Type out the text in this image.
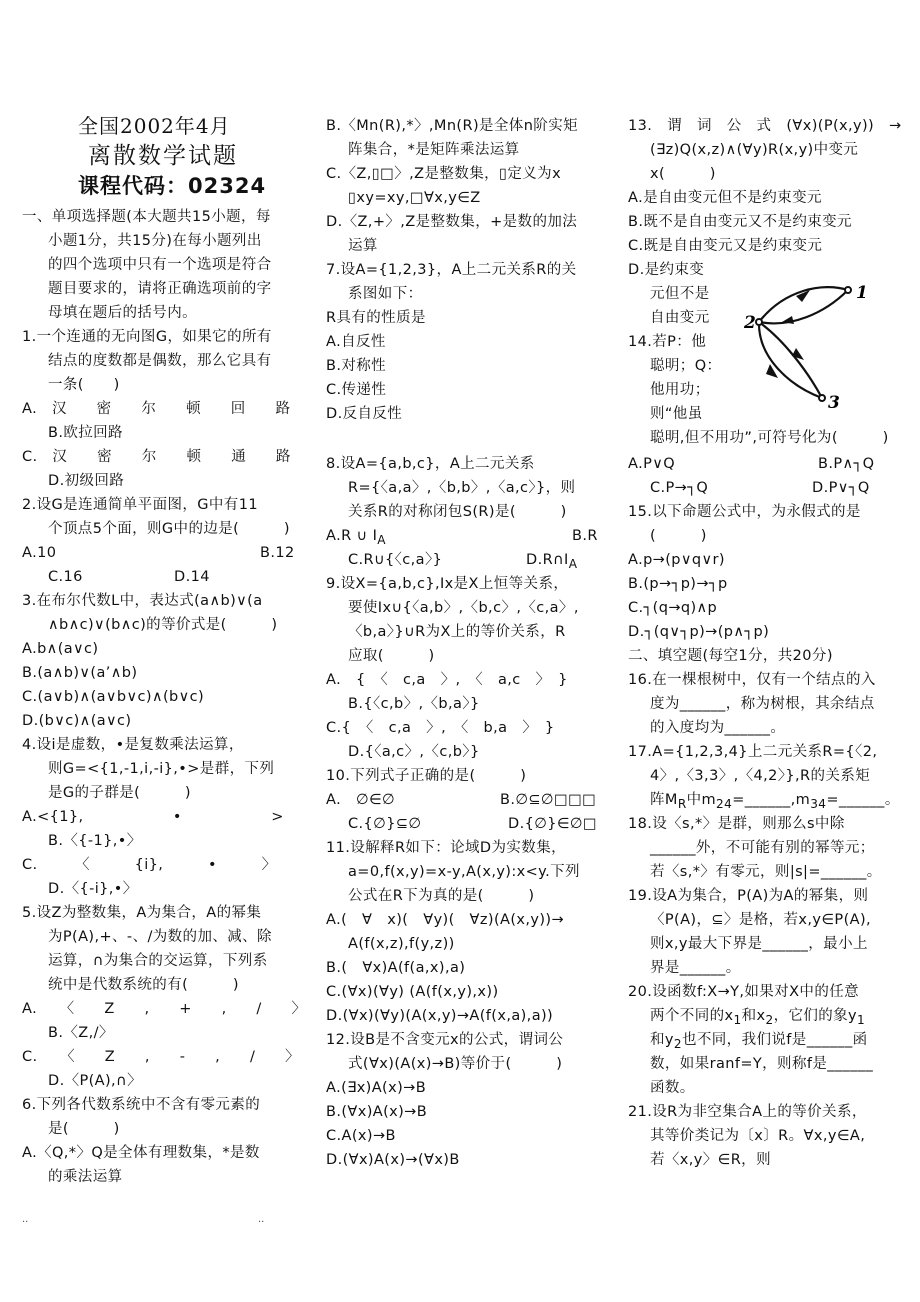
全国2002年4月
离散数学试题
课程代码：02324
一、单项选择题(本大题共15小题，每
小题1分，共15分)在每小题列出
的四个选项中只有一个选项是符合
题目要求的，请将正确选项前的字
母填在题后的括号内。
1.一个连通的无向图G，如果它的所有
结点的度数都是偶数，那么它具有
一条(　　)
A.　汉　　密　　尔　　顿　　回　　路
B.欧拉回路
C.　汉　　密　　尔　　顿　　通　　路
D.初级回路
2.设G是连通简单平面图，G中有11
个顶点5个面，则G中的边是(　　　)
A.10	B.12
C.16	D.14
3.在布尔代数L中，表达式(a∧b)∨(a
∧b∧c)∨(b∧c)的等价式是(　　　)
A.b∧(a∨c)
B.(a∧b)∨(a’∧b)
C.(a∨b)∧(a∨b∨c)∧(b∨c)
D.(b∨c)∧(a∨c)
4.设i是虚数，•是复数乘法运算，
则G=<{1,-1,i,-i},•>是群，下列
是G的子群是(　　　)
A.<{1},　　　　　　•　　　　　　>
B.〈{-1},•〉
C.　　　〈　　　{i},　　　•　　　〉
D.〈{-i},•〉
5.设Z为整数集，A为集合，A的幂集
为P(A),+、-、/为数的加、减、除
运算，∩为集合的交运算，下列系
统中是代数系统的有(　　　)
A.　　〈　　Z　　,　　+　　,　　/　　〉
B.〈Z,/〉
C.　　〈　　Z　　,　　-　　,　　/　　〉
D.〈P(A),∩〉
6.下列各代数系统中不含有零元素的
是(　　　)
A.〈Q,*〉Q是全体有理数集，*是数
的乘法运算
B.〈Mn(R),*〉,Mn(R)是全体n阶实矩
阵集合，*是矩阵乘法运算
C.〈Z,▯□〉,Z是整数集，▯定义为x
▯xy=xy,□∀x,y∈Z
D.〈Z,+〉,Z是整数集，+是数的加法
运算
7.设A={1,2,3}，A上二元关系R的关
系图如下：
R具有的性质是
A.自反性
B.对称性
C.传递性
D.反自反性
8.设A={a,b,c}，A上二元关系
R={〈a,a〉,〈b,b〉,〈a,c〉}，则
关系R的对称闭包S(R)是(　　　)
A.R ∪ $I_A$	B.R
C.R∪{〈c,a〉}	$D.R\cap I_A$
9.设X={a,b,c},Ix是X上恒等关系，
要使Ix∪{〈a,b〉,〈b,c〉,〈c,a〉,
〈b,a〉}∪R为X上的等价关系，R
应取(　　　)
A.　{　〈　c,a　〉,　〈　a,c　〉　}
B.{〈c,b〉,〈b,a〉}
C.{　〈　c,a　〉,　〈　b,a　〉　}
D.{〈a,c〉,〈c,b〉}
10.下列式子正确的是(　　　)
A.　∅∈∅	B.∅⊆∅□□□
C.{∅}⊆∅	D.{∅}∈∅□
11.设解释R如下：论域D为实数集，
a=0,f(x,y)=x-y,A(x,y):x<y.下列
公式在R下为真的是(　　　)
A.(　∀　x)(　∀y)(　∀z)(A(x,y))→
A(f(x,z),f(y,z))
B.(　∀x)A(f(a,x),a)
C.(∀x)(∀y) (A(f(x,y),x))
D.(∀x)(∀y)(A(x,y)→A(f(x,a),a))
12.设B是不含变元x的公式，谓词公
式(∀x)(A(x)→B)等价于(　　　)
A.(∃x)A(x)→B
B.(∀x)A(x)→B
C.A(x)→B
D.(∀x)A(x)→(∀x)B
13.　谓　词　公　式　(∀x)(P(x,y))　→
(∃z)Q(x,z)∧(∀y)R(x,y)中变元
x(　　　)
A.是自由变元但不是约束变元
B.既不是自由变元又不是约束变元
C.既是自由变元又是约束变元
D.是约束变
元但不是
自由变元
14.若P：他
聪明；Q：
他用功；
则“他虽
聪明,但不用功”,可符号化为(　　　)
A.P∨Q	B.P∧┐Q
C.P→┐Q	D.P∨┐Q
15.以下命题公式中，为永假式的是
(　　　)
A.p→(p∨q∨r)
B.(p→┐p)→┐p
C.┐(q→q)∧p
D.┐(q∨┐p)→(p∧┐p)
二、填空题(每空1分，共20分)
16.在一棵根树中，仅有一个结点的入
度为______，称为树根，其余结点
的入度均为______。
17.A={1,2,3,4}上二元关系R={〈2,
4〉,〈3,3〉,〈4,2〉},R的关系矩
阵$M_R$中$m_{24}=\_\_\_\_\_\_,m_{34}=\_\_\_\_\_\_$。
18.设〈s,*〉是群，则那么s中除
______外，不可能有别的幂等元；
若〈s,*〉有零元，则|s|=______。
19.设A为集合，P(A)为A的幂集，则
〈P(A)，⊆〉是格，若x,y∈P(A),
则x,y最大下界是______，最小上
界是______。
20.设函数f:X→Y,如果对X中的任意
两个不同的$x_1$和$x_2$，它们的象$y_1$
和$y_2$也不同，我们说f是______函
数，如果ranf=Y，则称f是______
函数。
21.设R为非空集合A上的等价关系，
其等价类记为〔x〕R。∀x,y∈A,
若〈x,y〉∈R，则
1
2
3
..	..
